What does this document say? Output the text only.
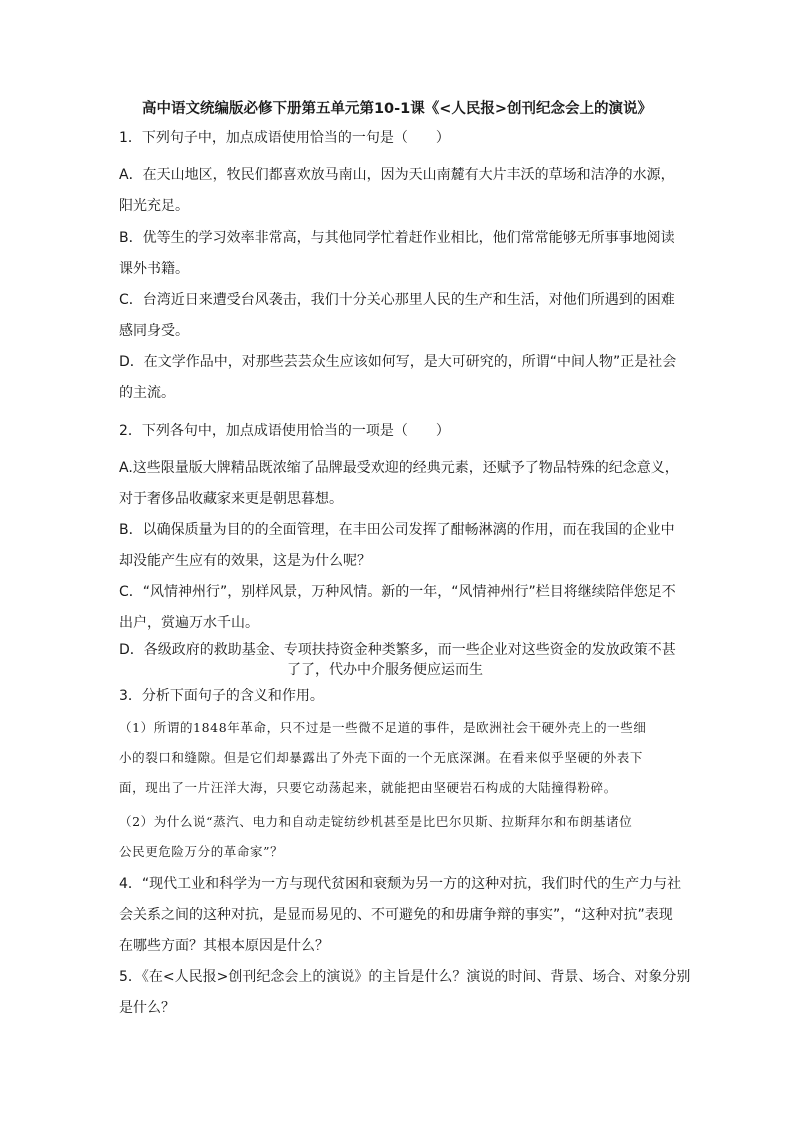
高中语文统编版必修下册第五单元第10-1课《<人民报>创刊纪念会上的演说》
1．下列句子中，加点成语使用恰当的一句是（　　）
A．在天山地区，牧民们都喜欢放马南山，因为天山南麓有大片丰沃的草场和洁净的水源，
阳光充足。
B．优等生的学习效率非常高，与其他同学忙着赶作业相比，他们常常能够无所事事地阅读
课外书籍。
C．台湾近日来遭受台风袭击，我们十分关心那里人民的生产和生活，对他们所遇到的困难
感同身受。
D．在文学作品中，对那些芸芸众生应该如何写，是大可研究的，所谓“中间人物”正是社会
的主流。
2．下列各句中，加点成语使用恰当的一项是（　　）
A.这些限量版大牌精品既浓缩了品牌最受欢迎的经典元素，还赋予了物品特殊的纪念意义，
对于奢侈品收藏家来更是朝思暮想。
B．以确保质量为目的的全面管理，在丰田公司发挥了酣畅淋漓的作用，而在我国的企业中
却没能产生应有的效果，这是为什么呢？
C．“风情神州行”，别样风景，万种风情。新的一年，“风情神州行”栏目将继续陪伴您足不
出户，赏遍万水千山。
D．各级政府的救助基金、专项扶持资金种类繁多，而一些企业对这些资金的发放政策不甚
了了，代办中介服务便应运而生
3．分析下面句子的含义和作用。
（1）所谓的1848年革命，只不过是一些微不足道的事件，是欧洲社会干硬外壳上的一些细
小的裂口和缝隙。但是它们却暴露出了外壳下面的一个无底深渊。在看来似乎坚硬的外表下
面，现出了一片汪洋大海，只要它动荡起来，就能把由坚硬岩石构成的大陆撞得粉碎。
（2）为什么说“蒸汽、电力和自动走锭纺纱机甚至是比巴尔贝斯、拉斯拜尔和布朗基诸位
公民更危险万分的革命家”？
4．“现代工业和科学为一方与现代贫困和衰颓为另一方的这种对抗，我们时代的生产力与社
会关系之间的这种对抗，是显而易见的、不可避免的和毋庸争辩的事实”，“这种对抗”表现
在哪些方面？其根本原因是什么？
5．《在<人民报>创刊纪念会上的演说》的主旨是什么？演说的时间、背景、场合、对象分别
是什么？
